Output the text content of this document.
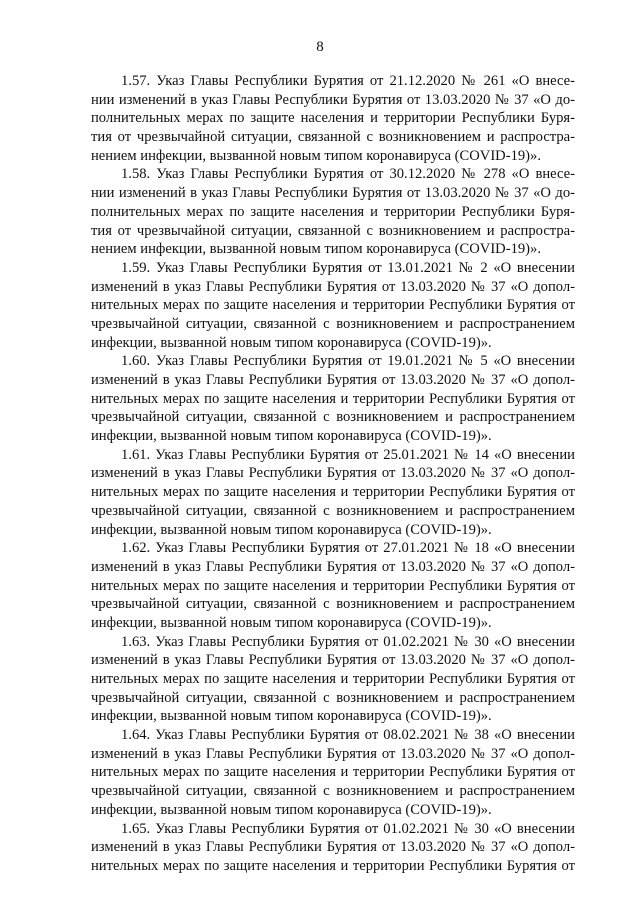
8

1.57. Указ Главы Республики Бурятия от 21.12.2020 № 261 «О внесе-
нии изменений в указ Главы Республики Бурятия от 13.03.2020 № 37 «О до-
полнительных мерах по защите населения и территории Республики Буря-
тия от чрезвычайной ситуации, связанной с возникновением и распростра-
нением инфекции, вызванной новым типом коронавируса (COVID-19)».

1.58. Указ Главы Республики Бурятия от 30.12.2020 № 278 «О внесе-
нии изменений в указ Главы Республики Бурятия от 13.03.2020 № 37 «О до-
полнительных мерах по защите населения и территории Республики Буря-
тия от чрезвычайной ситуации, связанной с возникновением и распростра-
нением инфекции, вызванной новым типом коронавируса (COVID-19)».

1.59. Указ Главы Республики Бурятия от 13.01.2021 № 2 «О внесении
изменений в указ Главы Республики Бурятия от 13.03.2020 № 37 «О допол-
нительных мерах по защите населения и территории Республики Бурятия от
чрезвычайной ситуации, связанной с возникновением и распространением
инфекции, вызванной новым типом коронавируса (COVID-19)».

1.60. Указ Главы Республики Бурятия от 19.01.2021 № 5 «О внесении
изменений в указ Главы Республики Бурятия от 13.03.2020 № 37 «О допол-
нительных мерах по защите населения и территории Республики Бурятия от
чрезвычайной ситуации, связанной с возникновением и распространением
инфекции, вызванной новым типом коронавируса (COVID-19)».

1.61. Указ Главы Республики Бурятия от 25.01.2021 № 14 «О внесении
изменений в указ Главы Республики Бурятия от 13.03.2020 № 37 «О допол-
нительных мерах по защите населения и территории Республики Бурятия от
чрезвычайной ситуации, связанной с возникновением и распространением
инфекции, вызванной новым типом коронавируса (COVID-19)».

1.62. Указ Главы Республики Бурятия от 27.01.2021 № 18 «О внесении
изменений в указ Главы Республики Бурятия от 13.03.2020 № 37 «О допол-
нительных мерах по защите населения и территории Республики Бурятия от
чрезвычайной ситуации, связанной с возникновением и распространением
инфекции, вызванной новым типом коронавируса (COVID-19)».

1.63. Указ Главы Республики Бурятия от 01.02.2021 № 30 «О внесении
изменений в указ Главы Республики Бурятия от 13.03.2020 № 37 «О допол-
нительных мерах по защите населения и территории Республики Бурятия от
чрезвычайной ситуации, связанной с возникновением и распространением
инфекции, вызванной новым типом коронавируса (COVID-19)».

1.64. Указ Главы Республики Бурятия от 08.02.2021 № 38 «О внесении
изменений в указ Главы Республики Бурятия от 13.03.2020 № 37 «О допол-
нительных мерах по защите населения и территории Республики Бурятия от
чрезвычайной ситуации, связанной с возникновением и распространением
инфекции, вызванной новым типом коронавируса (COVID-19)».

1.65. Указ Главы Республики Бурятия от 01.02.2021 № 30 «О внесении
изменений в указ Главы Республики Бурятия от 13.03.2020 № 37 «О допол-
нительных мерах по защите населения и территории Республики Бурятия от
